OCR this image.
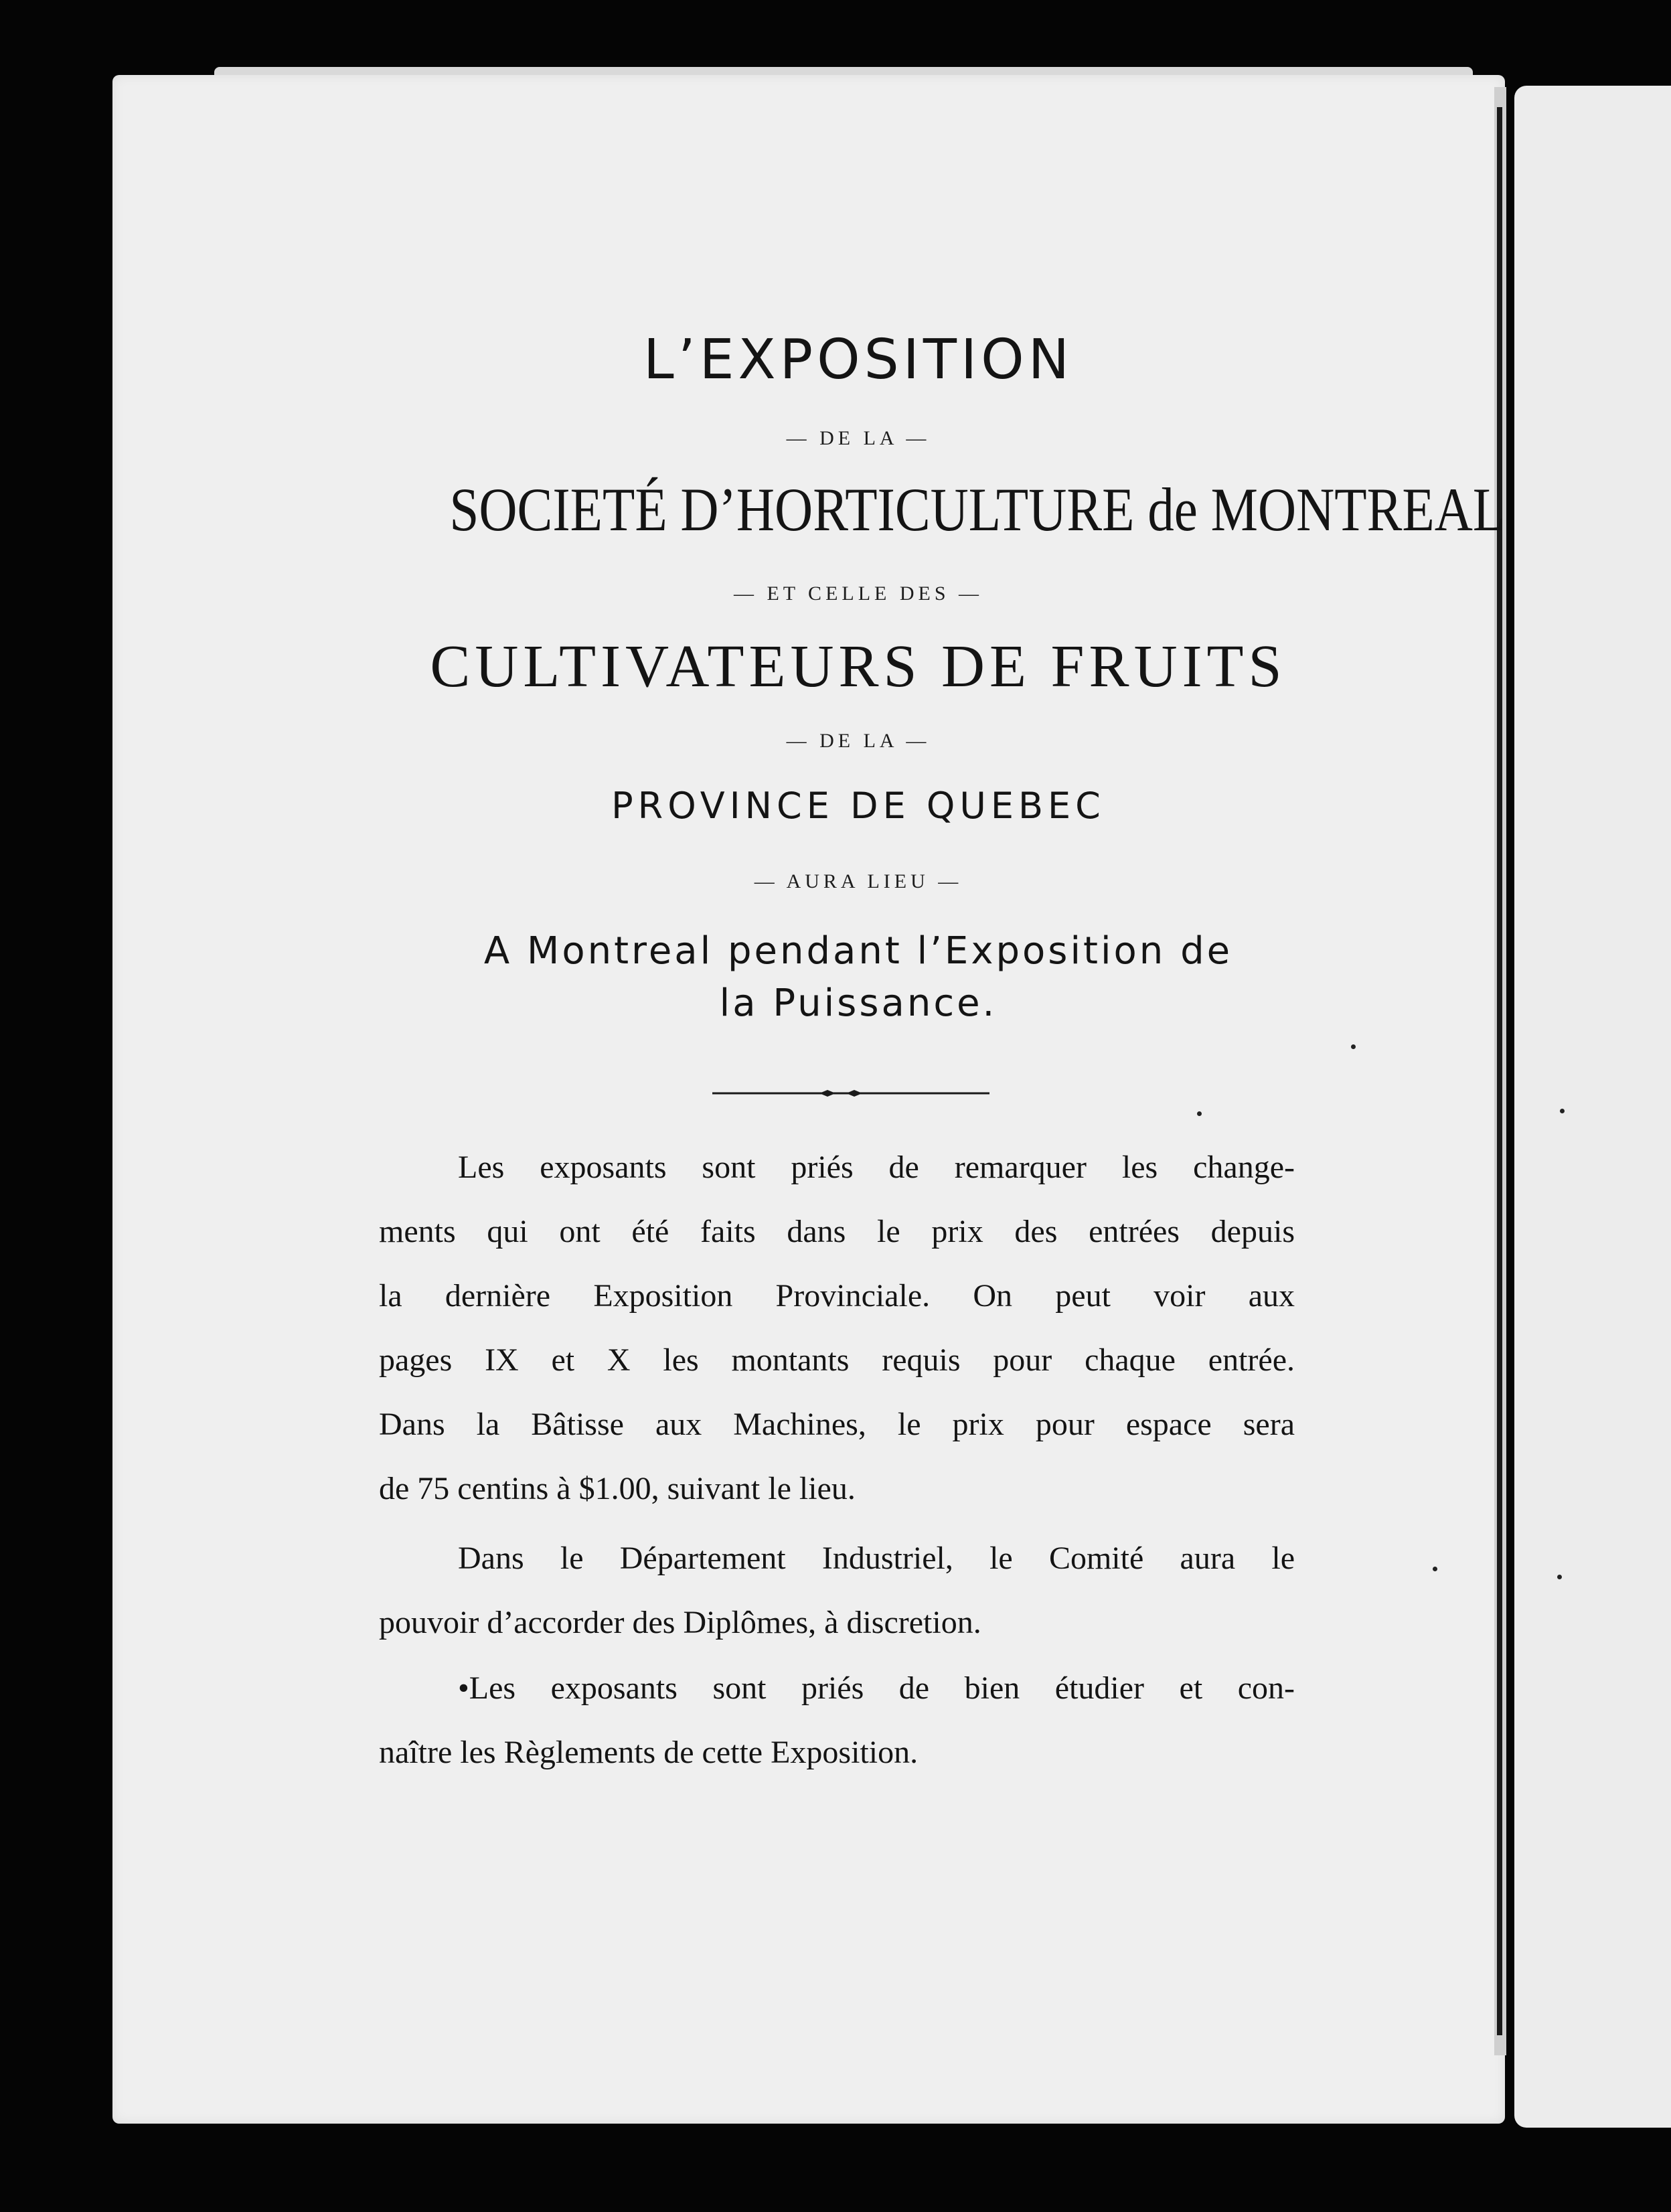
L’EXPOSITION

— DE LA —

SOCIETÉ D’HORTICULTURE de MONTREAL

— ET CELLE DES —

CULTIVATEURS DE FRUITS

— DE LA —

PROVINCE DE QUEBEC

— AURA LIEU —

A Montreal pendant l’Exposition de

la Puissance.

Les exposants sont priés de remarquer les change-

ments qui ont été faits dans le prix des entrées depuis

la dernière Exposition Provinciale. On peut voir aux

pages IX et X les montants requis pour chaque entrée.

Dans la Bâtisse aux Machines, le prix pour espace sera

de 75 centins à $1.00, suivant le lieu.

Dans le Département Industriel, le Comité aura le

pouvoir d’accorder des Diplômes, à discretion.

•Les exposants sont priés de bien étudier et con-

naître les Règlements de cette Exposition.
